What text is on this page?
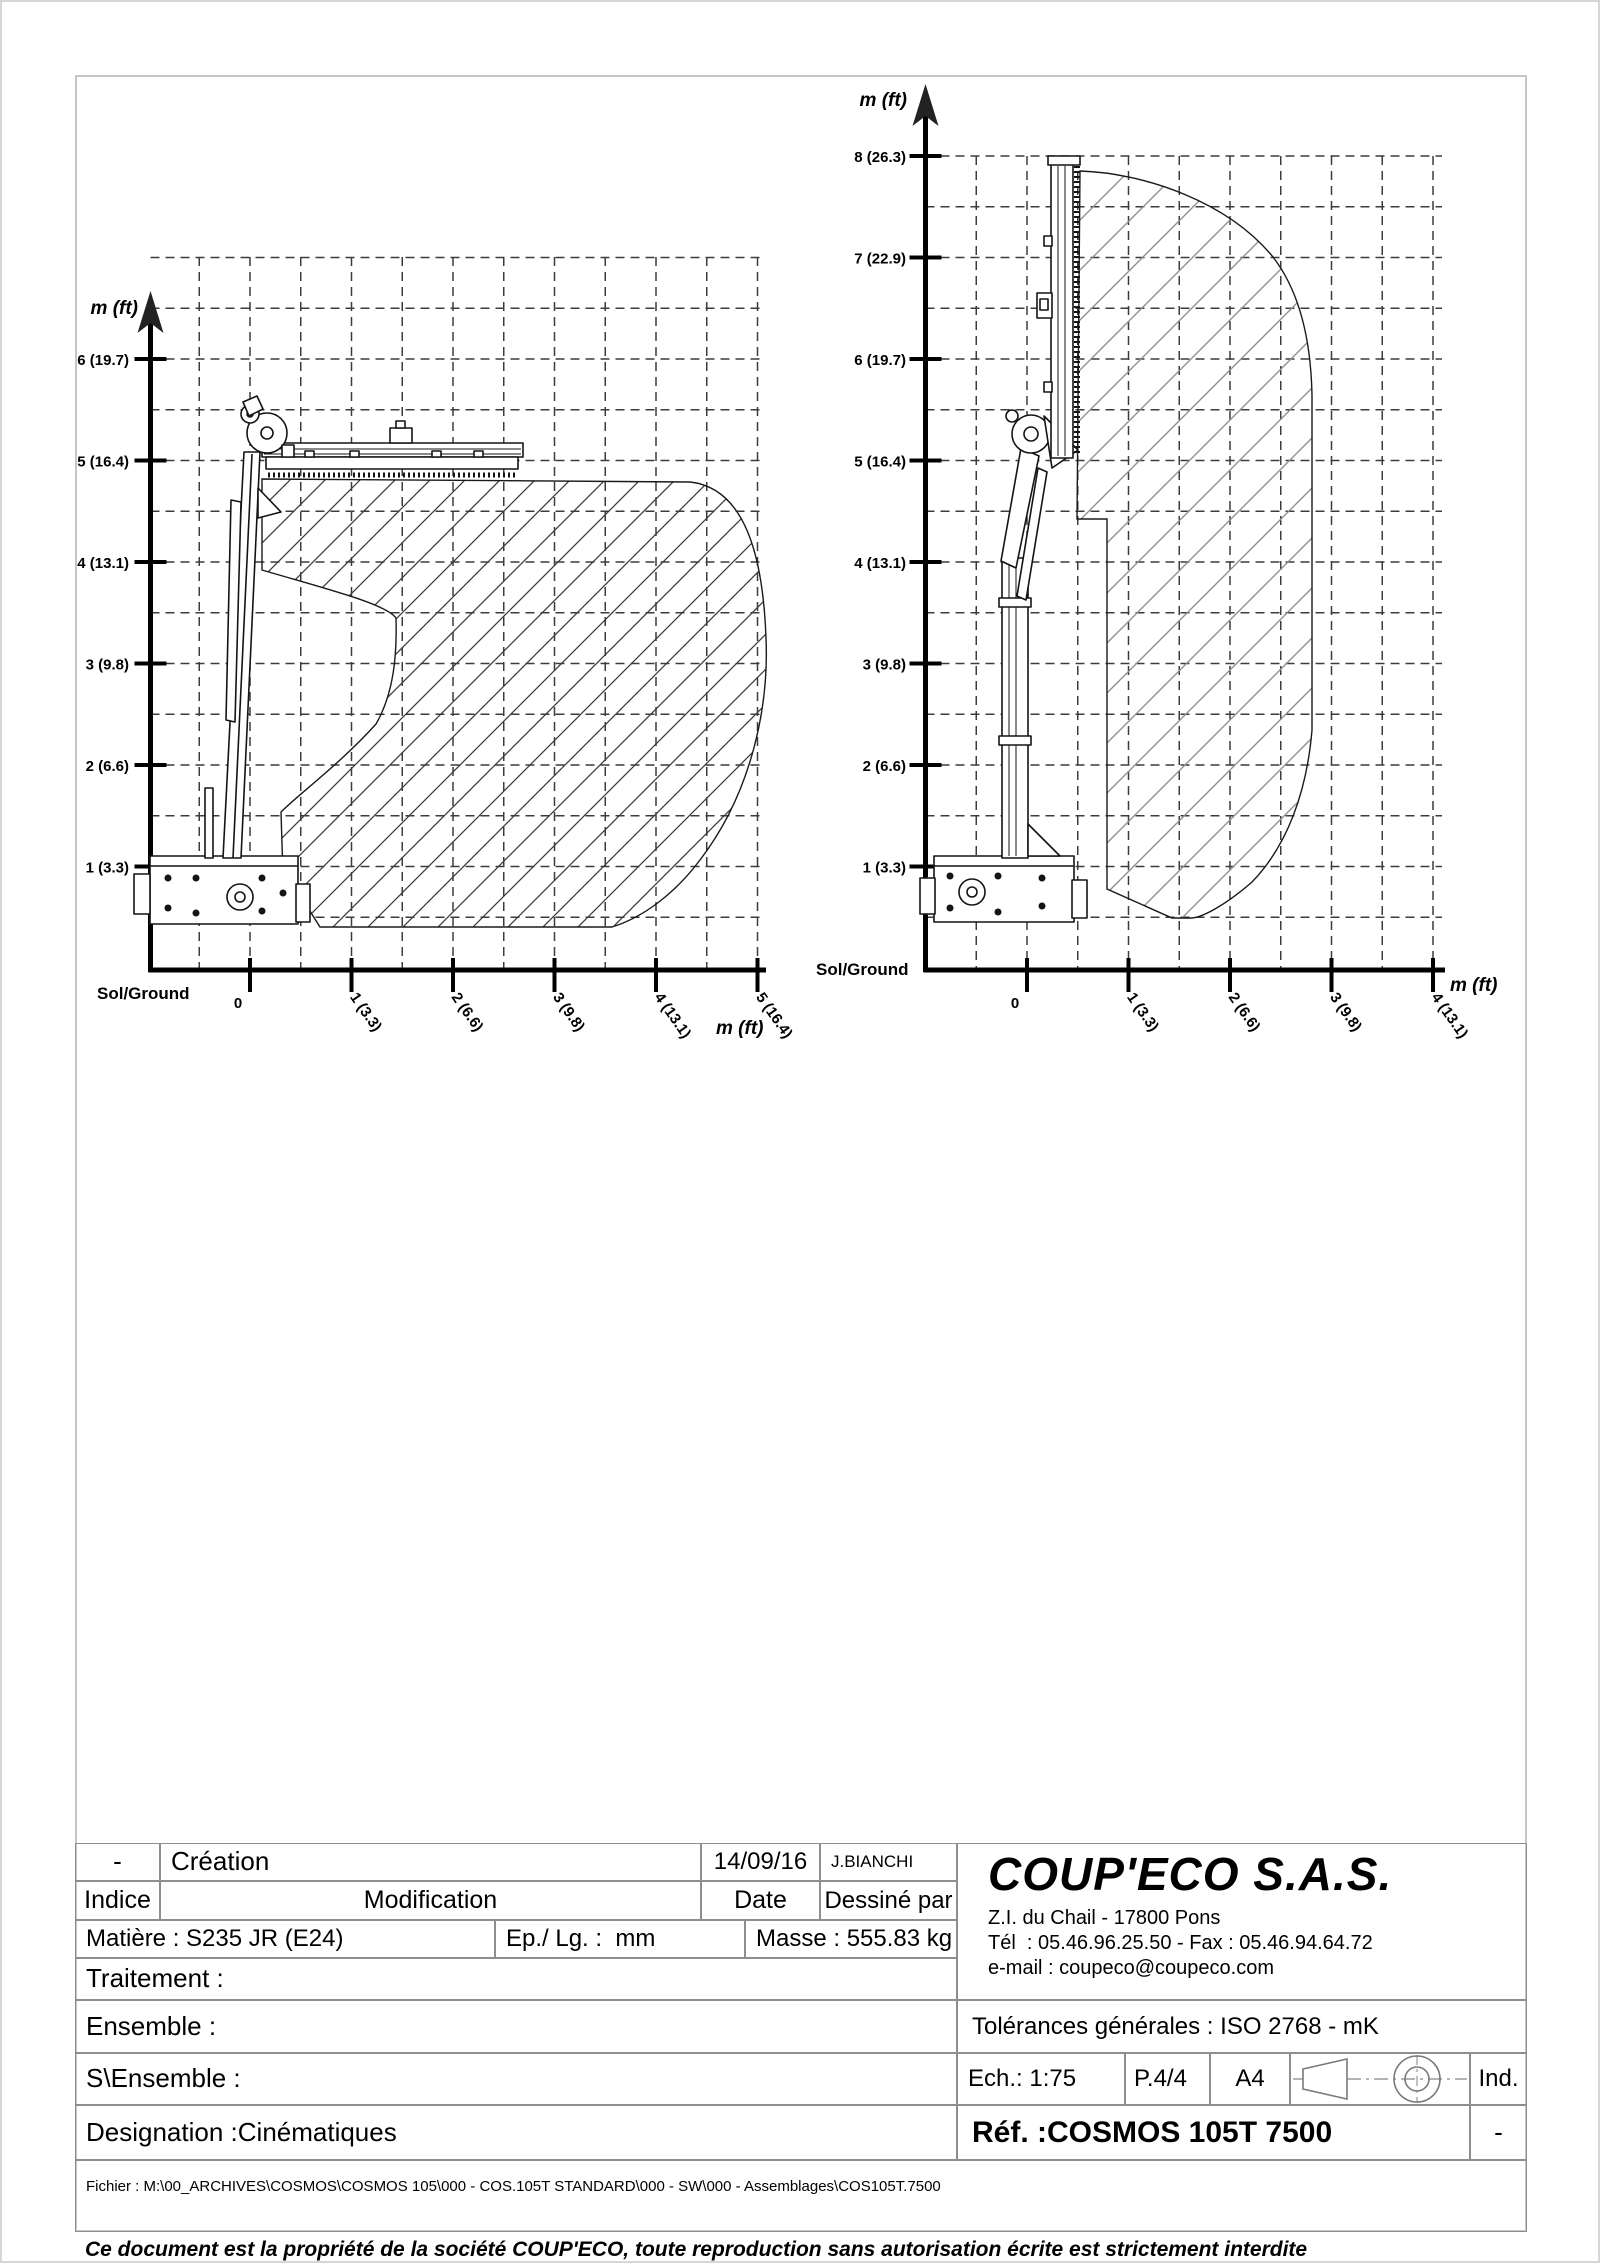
8 (26.3)
7 (22.9)
6 (19.7)
5 (16.4)
4 (13.1)
3 (9.8)
2 (6.6)
1 (3.3)
0	1 (3.3)	2 (6.6)	3 (9.8)	4 (13.1)
m (ft)
m (ft)
Sol/Ground
6 (19.7)
5 (16.4)
4 (13.1)
3 (9.8)
2 (6.6)
1 (3.3)
0	1 (3.3)	2 (6.6)	3 (9.8)	4 (13.1)	5 (16.4)
m (ft)
m (ft)
Sol/Ground
- Création	14/09/16 J.BIANCHI
Indice	Modification	Date Dessiné par
Matière : S235 JR (E24)	Ep./ Lg. :  mm	Masse : 555.83 kg
Traitement :
Ensemble :
S\Ensemble :
Designation :Cinématiques
COUP'ECO S.A.S.
Z.I. du Chail - 17800 Pons
Tél  : 05.46.96.25.50 - Fax : 05.46.94.64.72
e-mail : coupeco@coupeco.com
Tolérances générales : ISO 2768 - mK
Ech.: 1:75 P.4/4 A4	Ind.
Réf. :COSMOS 105T 7500	-
Fichier : M:\00_ARCHIVES\COSMOS\COSMOS 105\000 - COS.105T STANDARD\000 - SW\000 - Assemblages\COS105T.7500
Ce document est la propriété de la société COUP'ECO, toute reproduction sans autorisation écrite est strictement interdite
